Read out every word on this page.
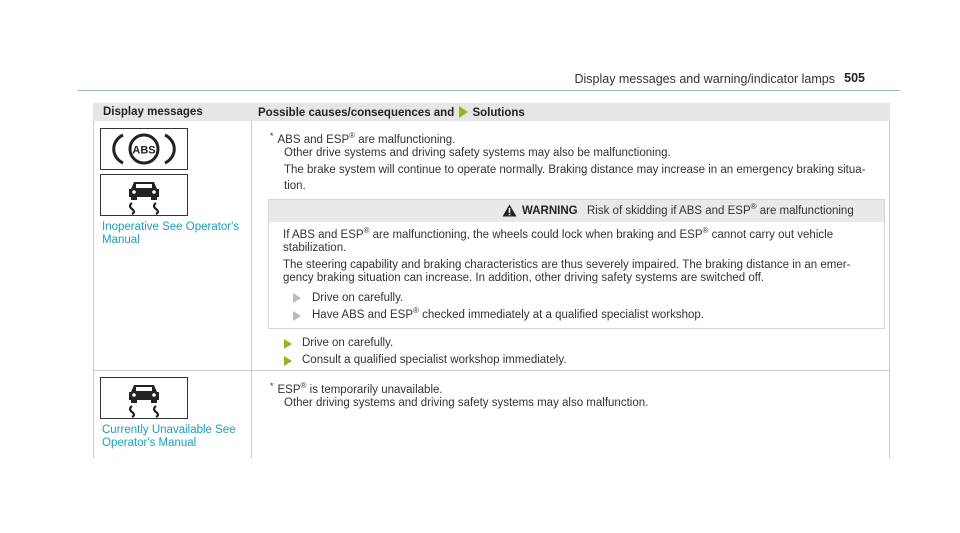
Display messages and warning/indicator lamps 505
Display messages	Possible causes/consequences and Solutions
ABS
Inoperative See Operator's
Manual
* ABS and ESP® are malfunctioning.
Other drive systems and driving safety systems may also be malfunctioning.
The brake system will continue to operate normally. Braking distance may increase in an emergency braking situa-
tion.
WARNING Risk of skidding if ABS and ESP® are malfunctioning
If ABS and ESP® are malfunctioning, the wheels could lock when braking and ESP® cannot carry out vehicle
stabilization.
The steering capability and braking characteristics are thus severely impaired. The braking distance in an emer-
gency braking situation can increase. In addition, other driving safety systems are switched off.
Drive on carefully.
Have ABS and ESP® checked immediately at a qualified specialist workshop.
Drive on carefully.
Consult a qualified specialist workshop immediately.
Currently Unavailable See
Operator's Manual
* ESP® is temporarily unavailable.
Other driving systems and driving safety systems may also malfunction.
